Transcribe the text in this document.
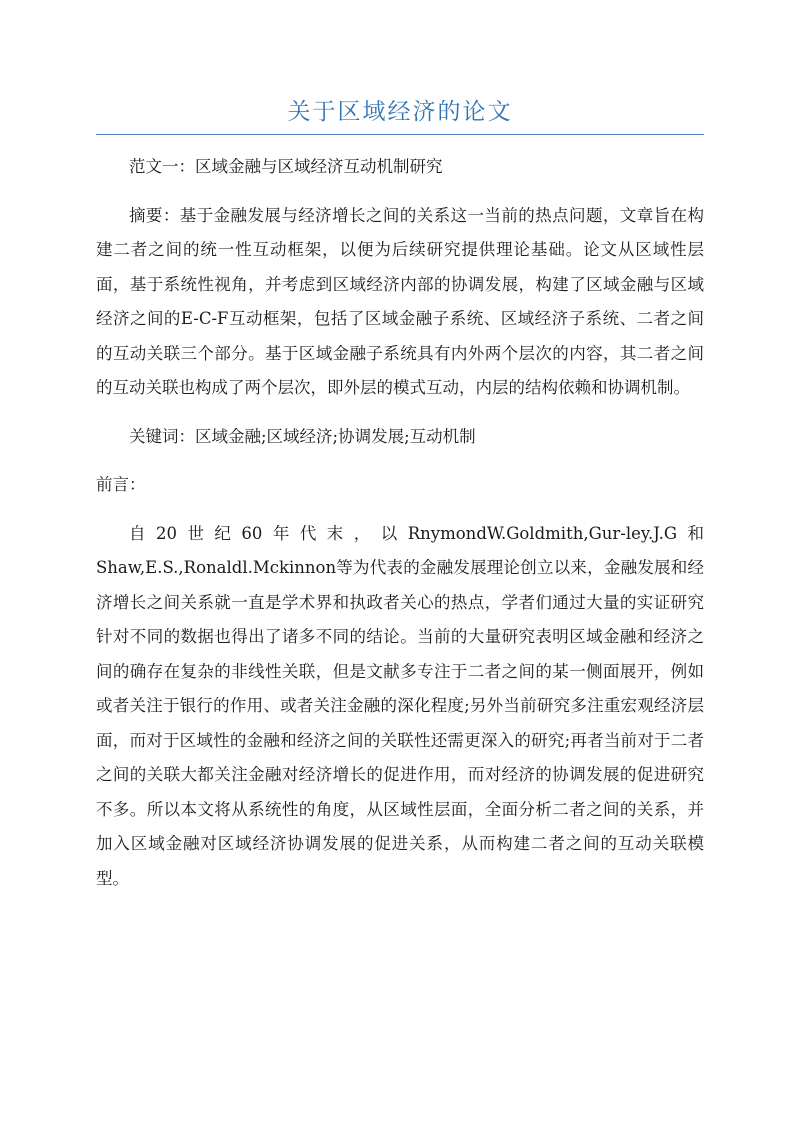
关于区域经济的论文

范文一：区域金融与区域经济互动机制研究

摘要：基于金融发展与经济增长之间的关系这一当前的热点问题，文章旨在构建二者之间的统一性互动框架，以便为后续研究提供理论基础。论文从区域性层面，基于系统性视角，并考虑到区域经济内部的协调发展，构建了区域金融与区域经济之间的E-C-F互动框架，包括了区域金融子系统、区域经济子系统、二者之间的互动关联三个部分。基于区域金融子系统具有内外两个层次的内容，其二者之间的互动关联也构成了两个层次，即外层的模式互动，内层的结构依赖和协调机制。

关键词：区域金融;区域经济;协调发展;互动机制

前言：

自20世纪60年代末，以RnymondW.Goldmith,Gur-ley.J.G和Shaw,E.S.,Ronaldl.Mckinnon等为代表的金融发展理论创立以来，金融发展和经济增长之间关系就一直是学术界和执政者关心的热点，学者们通过大量的实证研究针对不同的数据也得出了诸多不同的结论。当前的大量研究表明区域金融和经济之间的确存在复杂的非线性关联，但是文献多专注于二者之间的某一侧面展开，例如或者关注于银行的作用、或者关注金融的深化程度;另外当前研究多注重宏观经济层面，而对于区域性的金融和经济之间的关联性还需更深入的研究;再者当前对于二者之间的关联大都关注金融对经济增长的促进作用，而对经济的协调发展的促进研究不多。所以本文将从系统性的角度，从区域性层面，全面分析二者之间的关系，并加入区域金融对区域经济协调发展的促进关系，从而构建二者之间的互动关联模型。
